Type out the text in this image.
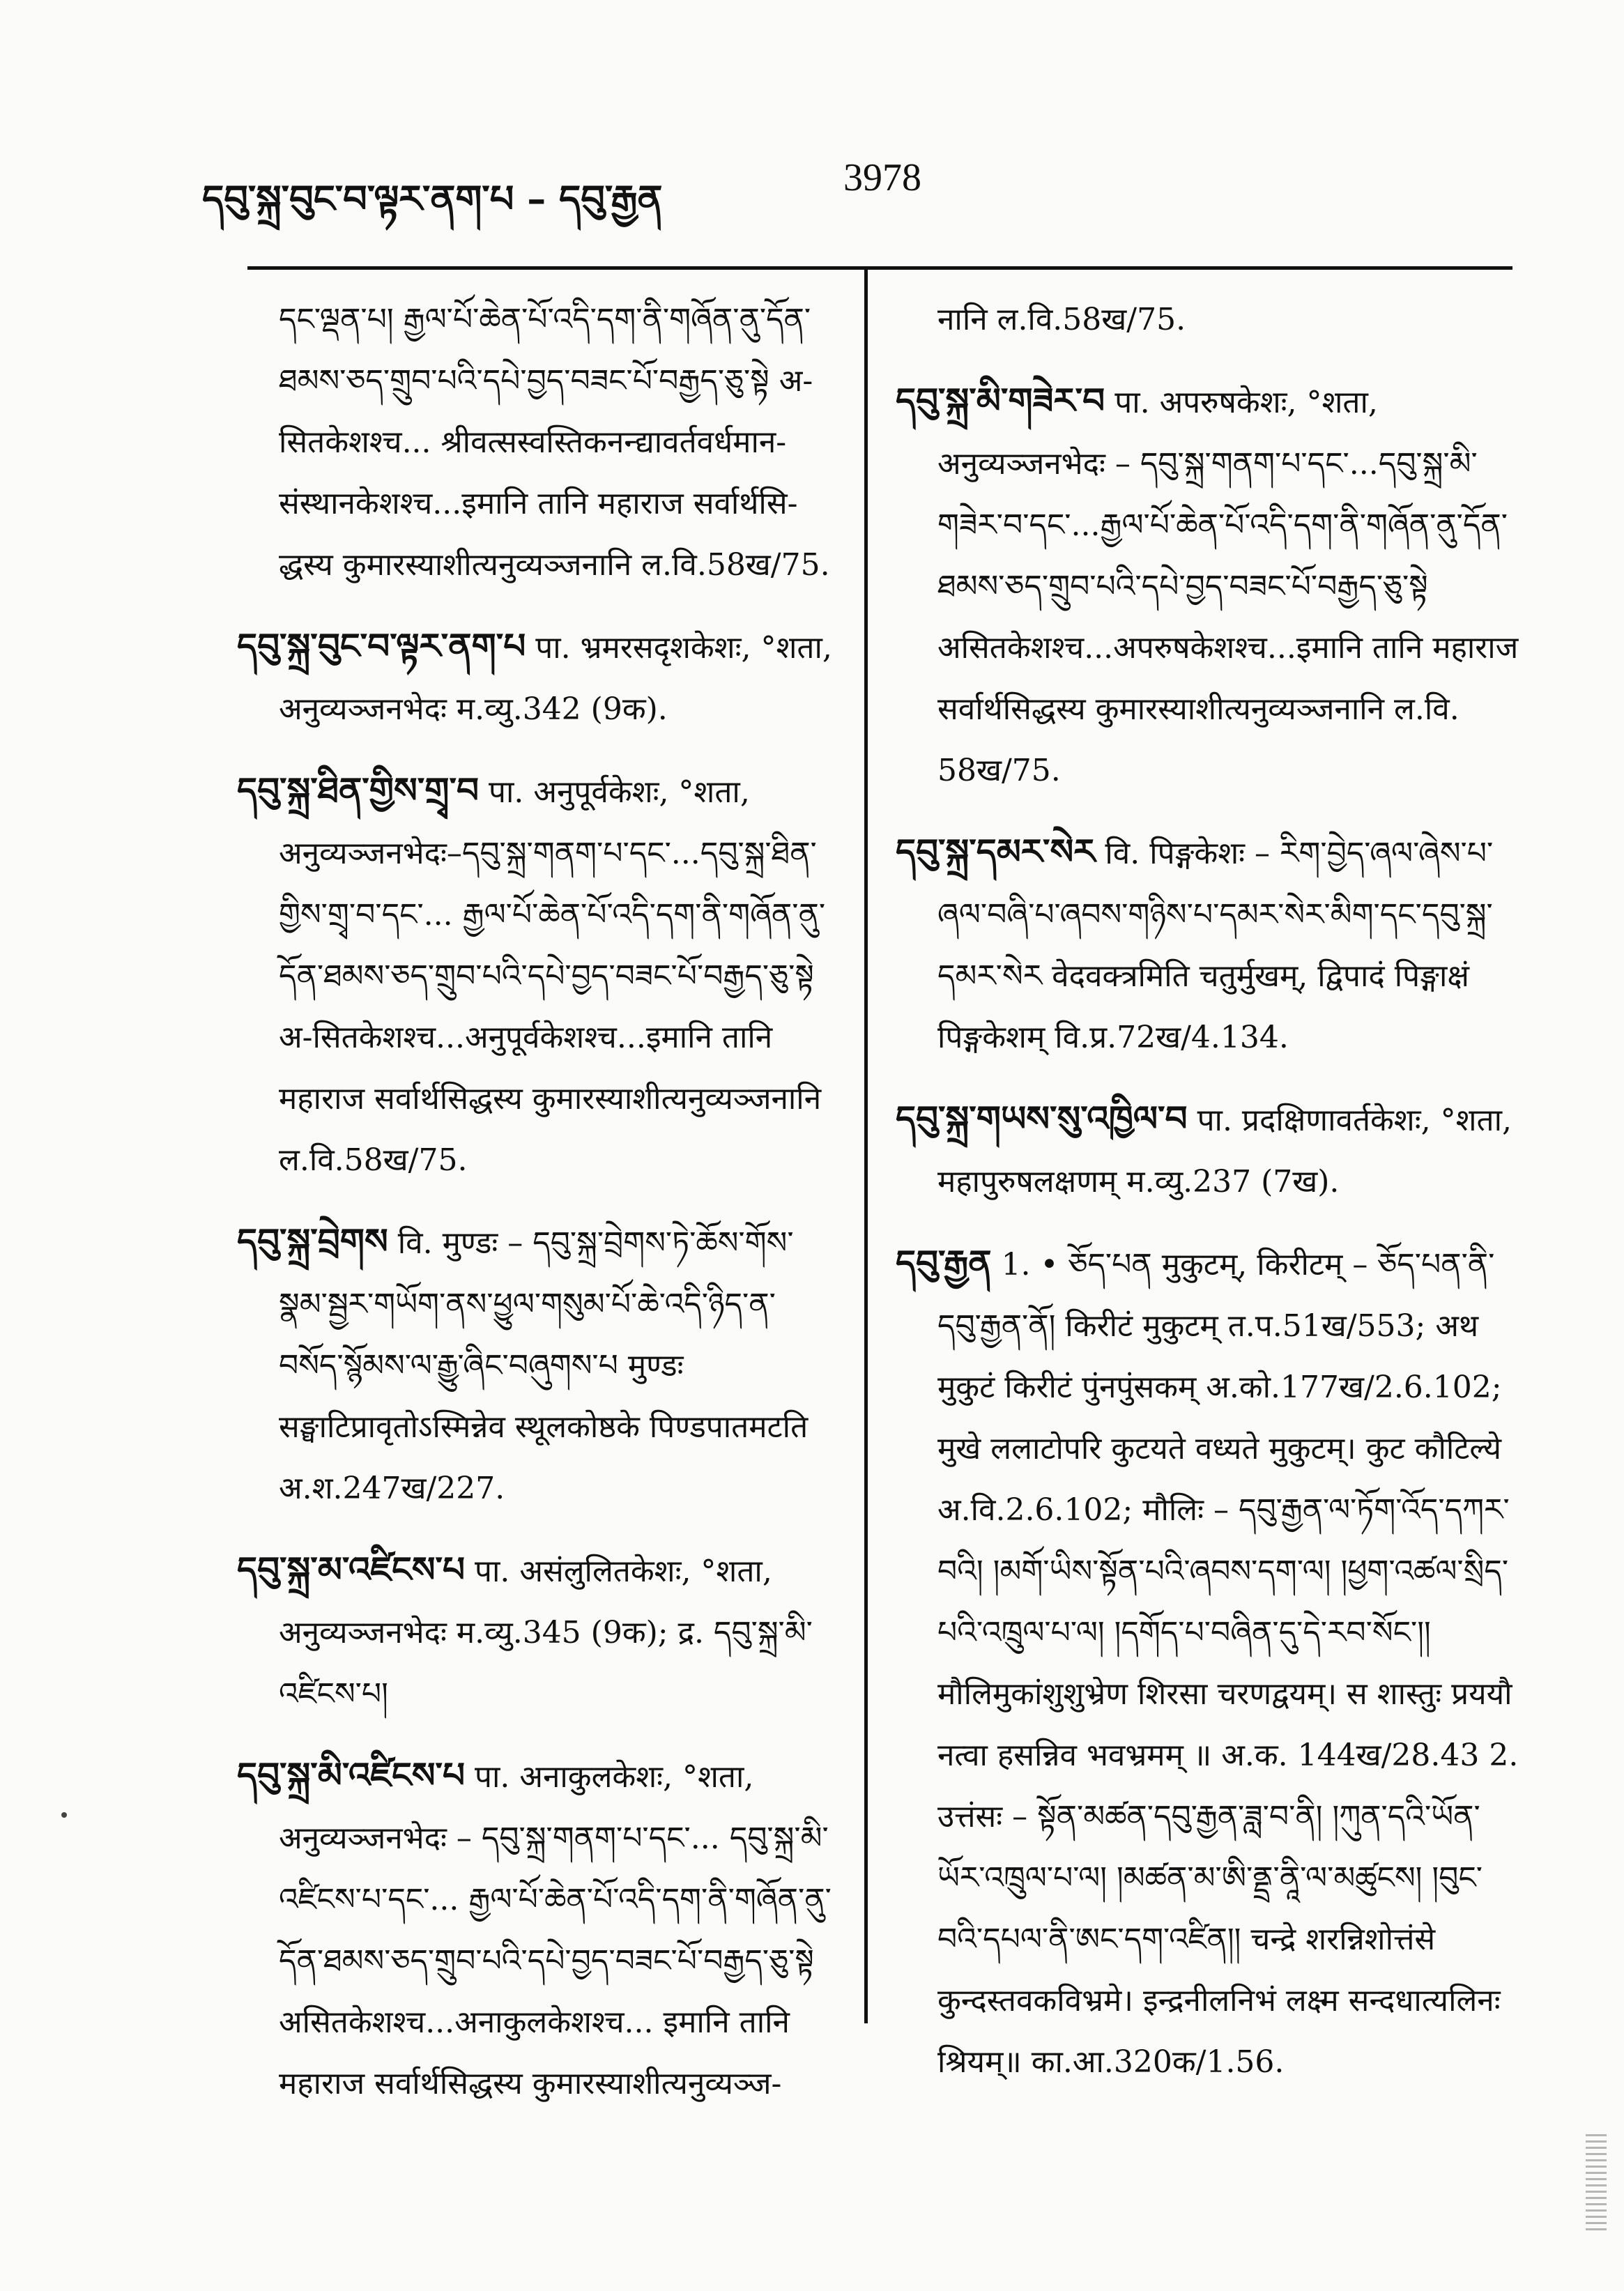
དབུ་སྐྲ་བུང་བ་ལྟར་ནག་པ – དབུ་རྒྱན	3978

དང་ལྡན་པ། རྒྱལ་པོ་ཆེན་པོ་འདི་དག་ནི་གཞོན་ནུ་དོན་ཐམས་ཅད་གྲུབ་པའི་དཔེ་བྱད་བཟང་པོ་བརྒྱད་ཅུ་སྟེ अ-सितकेशश्च... श्रीवत्सस्वस्तिकनन्द्यावर्तवर्धमान-संस्थानकेशश्च...इमानि तानि महाराज सर्वार्थसि-द्धस्य कुमारस्याशीत्यनुव्यञ्जनानि ल.वि.58ख/75.

དབུ་སྐྲ་བུང་བ་ལྟར་ནག་པ पा. भ्रमरसदृशकेशः, °शता, अनुव्यञ्जनभेदः म.व्यु.342 (9क).

དབུ་སྐྲ་ཐིན་གྱིས་གྲྭ་བ पा. अनुपूर्वकेशः, °शता, अनुव्यञ्जनभेदः–དབུ་སྐྲ་གནག་པ་དང་...དབུ་སྐྲ་ཐིན་གྱིས་གྲྭ་བ་དང་... རྒྱལ་པོ་ཆེན་པོ་འདི་དག་ནི་གཞོན་ནུ་དོན་ཐམས་ཅད་གྲུབ་པའི་དཔེ་བྱད་བཟང་པོ་བརྒྱད་ཅུ་སྟེ अ-सितकेशश्च...अनुपूर्वकेशश्च...इमानि तानि महाराज सर्वार्थसिद्धस्य कुमारस्याशीत्यनुव्यञ्जनानि ल.वि.58ख/75.

དབུ་སྐྲ་བྲེགས वि. मुण्डः – དབུ་སྐྲ་བྲེགས་ཏེ་ཆོས་གོས་སྣམ་སྦྱར་གཡོག་ནས་ཕྱུལ་གསུམ་པོ་ཆེ་འདི་ཉིད་ན་བསོད་སྙོམས་ལ་རྒྱུ་ཞིང་བཞུགས་པ मुण्डः सङ्घाटिप्रावृतोऽस्मिन्नेव स्थूलकोष्ठके पिण्डपातमटति अ.श.247ख/227.

དབུ་སྐྲ་མ་འཛིངས་པ पा. असंलुलितकेशः, °शता, अनुव्यञ्जनभेदः म.व्यु.345 (9क); द्र. དབུ་སྐྲ་མི་འཛིངས་པ།

དབུ་སྐྲ་མི་འཛིངས་པ पा. अनाकुलकेशः, °शता, अनुव्यञ्जनभेदः – དབུ་སྐྲ་གནག་པ་དང་... དབུ་སྐྲ་མི་འཛིངས་པ་དང་... རྒྱལ་པོ་ཆེན་པོ་འདི་དག་ནི་གཞོན་ནུ་དོན་ཐམས་ཅད་གྲུབ་པའི་དཔེ་བྱད་བཟང་པོ་བརྒྱད་ཅུ་སྟེ असितकेशश्च...अनाकुलकेशश्च... इमानि तानि महाराज सर्वार्थसिद्धस्य कुमारस्याशीत्यनुव्यञ्ज-

नानि ल.वि.58ख/75.

དབུ་སྐྲ་མི་གཟེར་བ पा. अपरुषकेशः, °शता, अनुव्यञ्जनभेदः – དབུ་སྐྲ་གནག་པ་དང་...དབུ་སྐྲ་མི་གཟེར་བ་དང་...རྒྱལ་པོ་ཆེན་པོ་འདི་དག་ནི་གཞོན་ནུ་དོན་ཐམས་ཅད་གྲུབ་པའི་དཔེ་བྱད་བཟང་པོ་བརྒྱད་ཅུ་སྟེ असितकेशश्च...अपरुषकेशश्च...इमानि तानि महाराज सर्वार्थसिद्धस्य कुमारस्याशीत्यनुव्यञ्जनानि ल.वि. 58ख/75.

དབུ་སྐྲ་དམར་སེར वि. पिङ्गकेशः – རིག་བྱེད་ཞལ་ཞེས་པ་ཞལ་བཞི་པ་ཞབས་གཉིས་པ་དམར་སེར་མིག་དང་དབུ་སྐྲ་དམར་སེར वेदवक्त्रमिति चतुर्मुखम्, द्विपादं पिङ्गाक्षं पिङ्गकेशम् वि.प्र.72ख/4.134.

དབུ་སྐྲ་གཡས་སུ་འཁྱིལ་བ पा. प्रदक्षिणावर्तकेशः, °शता, महापुरुषलक्षणम् म.व्यु.237 (7ख).

དབུ་རྒྱན 1. • ཅོད་པན मुकुटम्, किरीटम् – ཅོད་པན་ནི་དབུ་རྒྱན་ནོ། किरीटं मुकुटम् त.प.51ख/553; अथ मुकुटं किरीटं पुंनपुंसकम् अ.को.177ख/2.6.102; मुखे ललाटोपरि कुटयते वध्यते मुकुटम्। कुट कौटिल्ये अ.वि.2.6.102; मौलिः – དབུ་རྒྱན་ལ་ཏོག་འོད་དཀར་བའི། །མགོ་ཡིས་སྟོན་པའི་ཞབས་དག་ལ། །ཕྱག་འཚལ་སྲིད་པའི་འཁྲུལ་པ་ལ། །དགོད་པ་བཞིན་དུ་དེ་རབ་སོང་།། मौलिमुकांशुशुभ्रेण शिरसा चरणद्वयम्। स शास्तुः प्रययौ नत्वा हसन्निव भवभ्रमम् ॥ अ.क. 144ख/28.43 2. उत्तंसः – སྟོན་མཚན་དབུ་རྒྱན་ཟླ་བ་ནི། །ཀུན་དའི་ཡོན་ཡོར་འཁྲུལ་པ་ལ། །མཚན་མ་ཨི་ནྡྲ་ནཱི་ལ་མཚུངས། །བུང་བའི་དཔལ་ནི་ཨང་དག་འཛིན།། चन्द्रे शरन्निशोत्तंसे कुन्दस्तवकविभ्रमे। इन्द्रनीलनिभं लक्ष्म सन्दधात्यलिनः श्रियम्॥ का.आ.320क/1.56.
